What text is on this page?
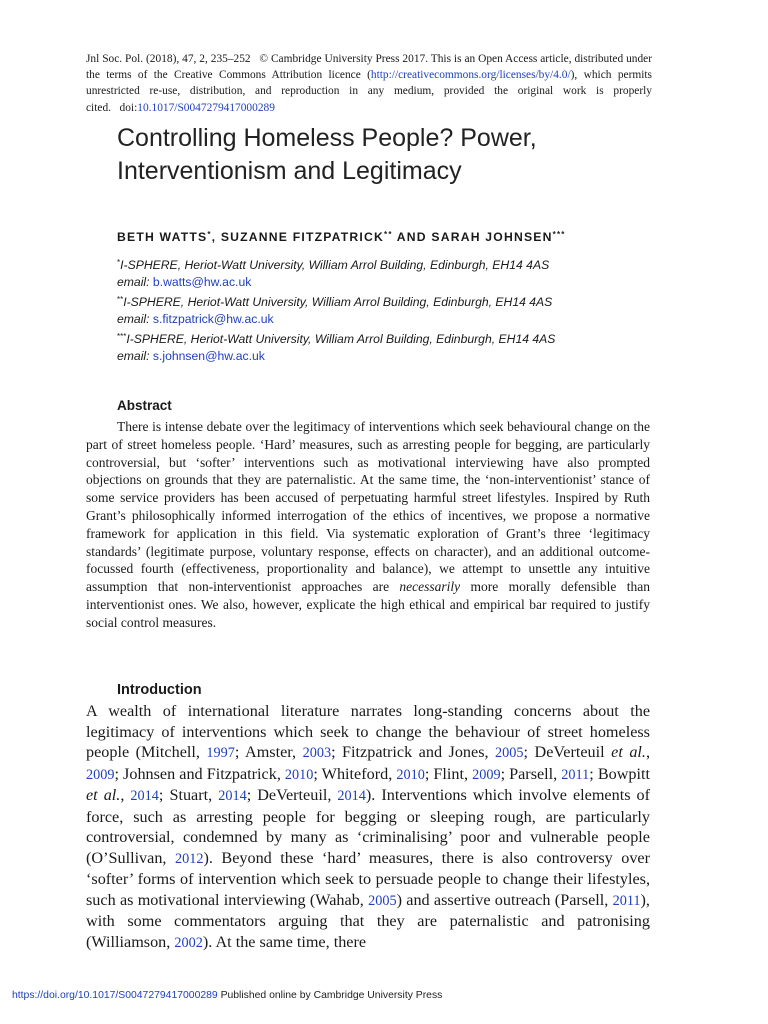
Jnl Soc. Pol. (2018), 47, 2, 235–252 © Cambridge University Press 2017. This is an Open Access article, distributed under the terms of the Creative Commons Attribution licence (http://creativecommons.org/licenses/by/4.0/), which permits unrestricted re-use, distribution, and reproduction in any medium, provided the original work is properly cited. doi:10.1017/S0047279417000289

Controlling Homeless People? Power, Interventionism and Legitimacy

BETH WATTS*, SUZANNE FITZPATRICK** AND SARAH JOHNSEN***

*I-SPHERE, Heriot-Watt University, William Arrol Building, Edinburgh, EH14 4AS
email: b.watts@hw.ac.uk
**I-SPHERE, Heriot-Watt University, William Arrol Building, Edinburgh, EH14 4AS
email: s.fitzpatrick@hw.ac.uk
***I-SPHERE, Heriot-Watt University, William Arrol Building, Edinburgh, EH14 4AS
email: s.johnsen@hw.ac.uk
Abstract

There is intense debate over the legitimacy of interventions which seek behavioural change on the part of street homeless people. ‘Hard’ measures, such as arresting people for begging, are particularly controversial, but ‘softer’ interventions such as motivational interviewing have also prompted objections on grounds that they are paternalistic. At the same time, the ‘non-interventionist’ stance of some service providers has been accused of perpetuating harmful street lifestyles. Inspired by Ruth Grant’s philosophically informed interrogation of the ethics of incentives, we propose a normative framework for application in this field. Via systematic exploration of Grant’s three ‘legitimacy standards’ (legitimate purpose, voluntary response, effects on character), and an additional outcome-focussed fourth (effectiveness, proportionality and balance), we attempt to unsettle any intuitive assumption that non-interventionist approaches are necessarily more morally defensible than interventionist ones. We also, however, explicate the high ethical and empirical bar required to justify social control measures.

Introduction

A wealth of international literature narrates long-standing concerns about the legitimacy of interventions which seek to change the behaviour of street homeless people (Mitchell, 1997; Amster, 2003; Fitzpatrick and Jones, 2005; DeVerteuil et al., 2009; Johnsen and Fitzpatrick, 2010; Whiteford, 2010; Flint, 2009; Parsell, 2011; Bowpitt et al., 2014; Stuart, 2014; DeVerteuil, 2014). Interventions which involve elements of force, such as arresting people for begging or sleeping rough, are particularly controversial, condemned by many as ‘criminalising’ poor and vulnerable people (O’Sullivan, 2012). Beyond these ‘hard’ measures, there is also controversy over ‘softer’ forms of intervention which seek to persuade people to change their lifestyles, such as motivational interviewing (Wahab, 2005) and assertive outreach (Parsell, 2011), with some commentators arguing that they are paternalistic and patronising (Williamson, 2002). At the same time, there

https://doi.org/10.1017/S0047279417000289 Published online by Cambridge University Press
